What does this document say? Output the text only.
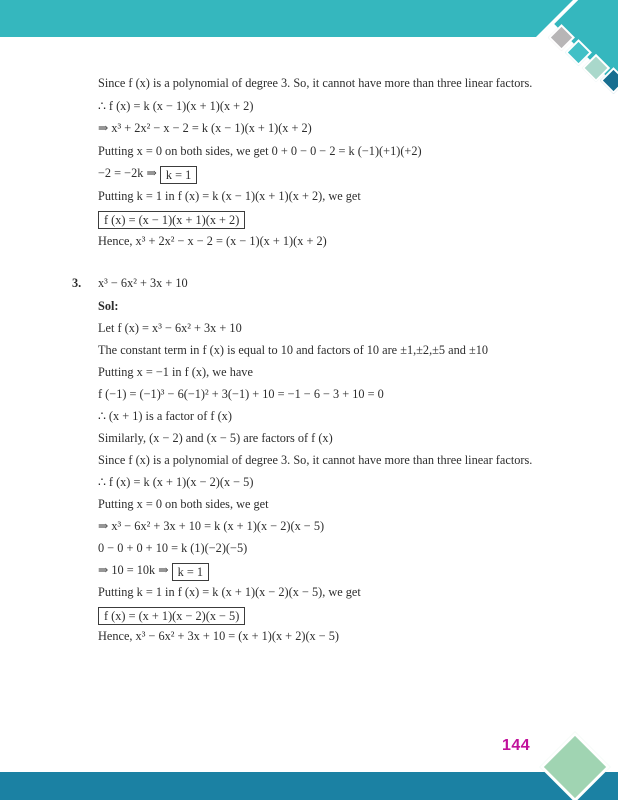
Since f (x) is a polynomial of degree 3. So, it cannot have more than three linear factors.
∴ f (x) = k (x − 1)(x + 1)(x + 2)
⇒ x³ + 2x² − x − 2 = k (x − 1)(x + 1)(x + 2)
Putting x = 0 on both sides, we get 0 + 0 − 0 − 2 = k (−1)(+1)(+2)
−2 = −2k ⇒ k = 1
Putting k = 1 in f (x) = k (x − 1)(x + 1)(x + 2), we get
f (x) = (x − 1)(x + 1)(x + 2)
Hence, x³ + 2x² − x − 2 = (x − 1)(x + 1)(x + 2)
3. x³ − 6x² + 3x + 10
Sol:
Let f (x) = x³ − 6x² + 3x + 10
The constant term in f (x) is equal to 10 and factors of 10 are ±1,±2,±5 and ±10
Putting x = −1 in f (x), we have
f (−1) = (−1)³ − 6(−1)² + 3(−1) + 10 = −1 − 6 − 3 + 10 = 0
∴ (x + 1) is a factor of f (x)
Similarly, (x − 2) and (x − 5) are factors of f (x)
Since f (x) is a polynomial of degree 3. So, it cannot have more than three linear factors.
∴ f (x) = k (x + 1)(x − 2)(x − 5)
Putting x = 0 on both sides, we get
⇒ x³ − 6x² + 3x + 10 = k (x + 1)(x − 2)(x − 5)
0 − 0 + 0 + 10 = k (1)(−2)(−5)
⇒ 10 = 10k ⇒ k = 1
Putting k = 1 in f (x) = k (x + 1)(x − 2)(x − 5), we get
f (x) = (x + 1)(x − 2)(x − 5)
Hence, x³ − 6x² + 3x + 10 = (x + 1)(x + 2)(x − 5)
144
